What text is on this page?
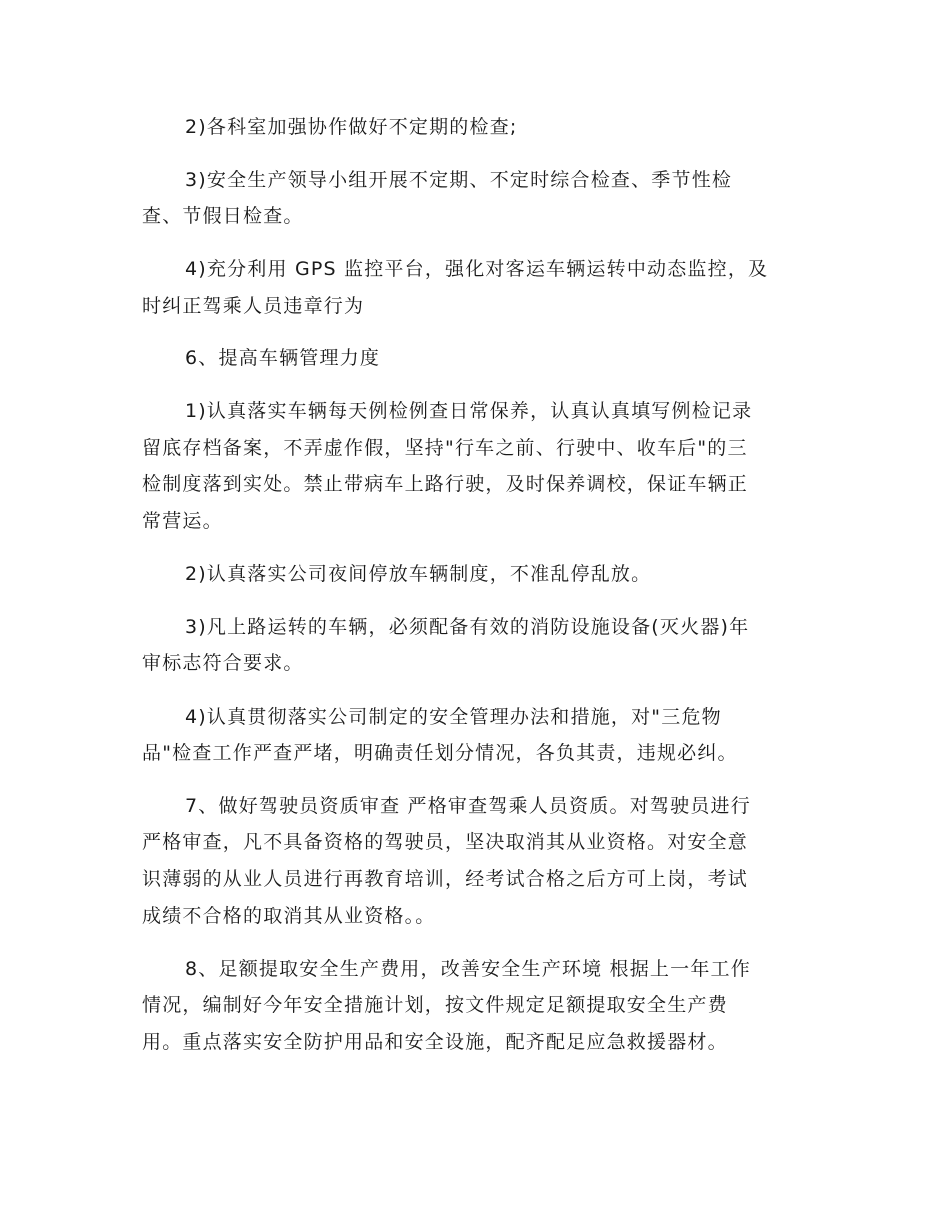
2)各科室加强协作做好不定期的检查;
3)安全生产领导小组开展不定期、不定时综合检查、季节性检
查、节假日检查。
4)充分利用 GPS 监控平台，强化对客运车辆运转中动态监控，及
时纠正驾乘人员违章行为
6、提高车辆管理力度
1)认真落实车辆每天例检例查日常保养，认真认真填写例检记录
留底存档备案，不弄虚作假，坚持"行车之前、行驶中、收车后"的三
检制度落到实处。禁止带病车上路行驶，及时保养调校，保证车辆正
常营运。
2)认真落实公司夜间停放车辆制度，不准乱停乱放。
3)凡上路运转的车辆，必须配备有效的消防设施设备(灭火器)年
审标志符合要求。
4)认真贯彻落实公司制定的安全管理办法和措施，对"三危物
品"检查工作严查严堵，明确责任划分情况，各负其责，违规必纠。
7、做好驾驶员资质审查 严格审查驾乘人员资质。对驾驶员进行
严格审查，凡不具备资格的驾驶员，坚决取消其从业资格。对安全意
识薄弱的从业人员进行再教育培训，经考试合格之后方可上岗，考试
成绩不合格的取消其从业资格。。
8、足额提取安全生产费用，改善安全生产环境 根据上一年工作
情况，编制好今年安全措施计划，按文件规定足额提取安全生产费
用。重点落实安全防护用品和安全设施，配齐配足应急救援器材。
